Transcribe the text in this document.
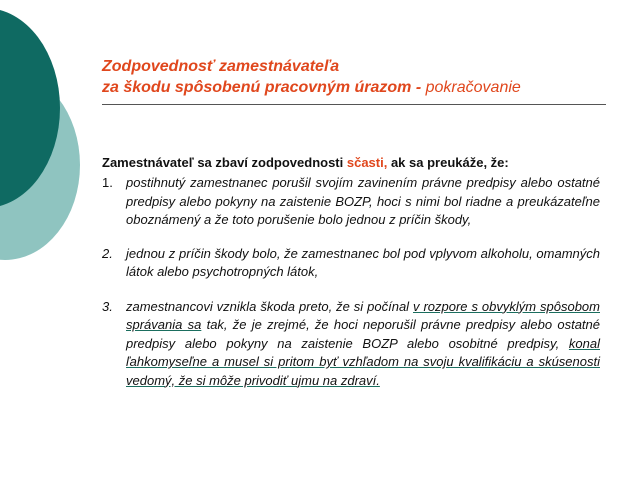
Zodpovednosť zamestnávateľa
za škodu spôsobenú pracovným úrazom - pokračovanie
Zamestnávateľ sa zbaví zodpovednosti sčasti, ak sa preukáže, že:
1.	postihnutý zamestnanec porušil svojím zavinením právne predpisy alebo ostatné predpisy alebo pokyny na zaistenie BOZP, hoci s nimi bol riadne a preukázateľne oboznámený a že toto porušenie bolo jednou z príčin škody,
2.	jednou z príčin škody bolo, že zamestnanec bol pod vplyvom alkoholu, omamných látok alebo psychotropných látok,
3.	zamestnancovi vznikla škoda preto, že si počínal v rozpore s obvyklým spôsobom správania sa tak, že je zrejmé, že hoci neporušil právne predpisy alebo ostatné predpisy alebo pokyny na zaistenie BOZP alebo osobitné predpisy, konal ľahkomyseľne a musel si pritom byť vzhľadom na svoju kvalifikáciu a skúsenosti vedomý, že si môže privodiť ujmu na zdraví.
